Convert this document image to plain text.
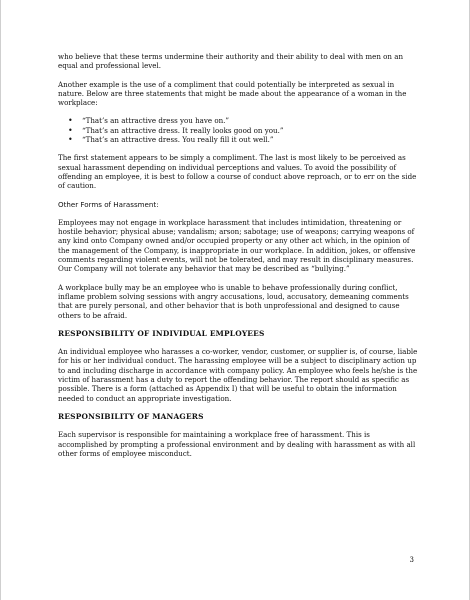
who believe that these terms undermine their authority and their ability to deal with men on an equal and professional level.

Another example is the use of a compliment that could potentially be interpreted as sexual in nature. Below are three statements that might be made about the appearance of a woman in the workplace:

• “That’s an attractive dress you have on.”
• “That’s an attractive dress. It really looks good on you.”
• “That’s an attractive dress. You really fill it out well.”

The first statement appears to be simply a compliment. The last is most likely to be perceived as sexual harassment depending on individual perceptions and values. To avoid the possibility of offending an employee, it is best to follow a course of conduct above reproach, or to err on the side of caution.

Other Forms of Harassment:

Employees may not engage in workplace harassment that includes intimidation, threatening or hostile behavior; physical abuse; vandalism; arson; sabotage; use of weapons; carrying weapons of any kind onto Company owned and/or occupied property or any other act which, in the opinion of the management of the Company, is inappropriate in our workplace. In addition, jokes, or offensive comments regarding violent events, will not be tolerated, and may result in disciplinary measures. Our Company will not tolerate any behavior that may be described as “bullying.”

A workplace bully may be an employee who is unable to behave professionally during conflict, inflame problem solving sessions with angry accusations, loud, accusatory, demeaning comments that are purely personal, and other behavior that is both unprofessional and designed to cause others to be afraid.

RESPONSIBILITY OF INDIVIDUAL EMPLOYEES

An individual employee who harasses a co-worker, vendor, customer, or supplier is, of course, liable for his or her individual conduct. The harassing employee will be a subject to disciplinary action up to and including discharge in accordance with company policy. An employee who feels he/she is the victim of harassment has a duty to report the offending behavior. The report should as specific as possible. There is a form (attached as Appendix I) that will be useful to obtain the information needed to conduct an appropriate investigation.

RESPONSIBILITY OF MANAGERS

Each supervisor is responsible for maintaining a workplace free of harassment. This is accomplished by prompting a professional environment and by dealing with harassment as with all other forms of employee misconduct.

3
